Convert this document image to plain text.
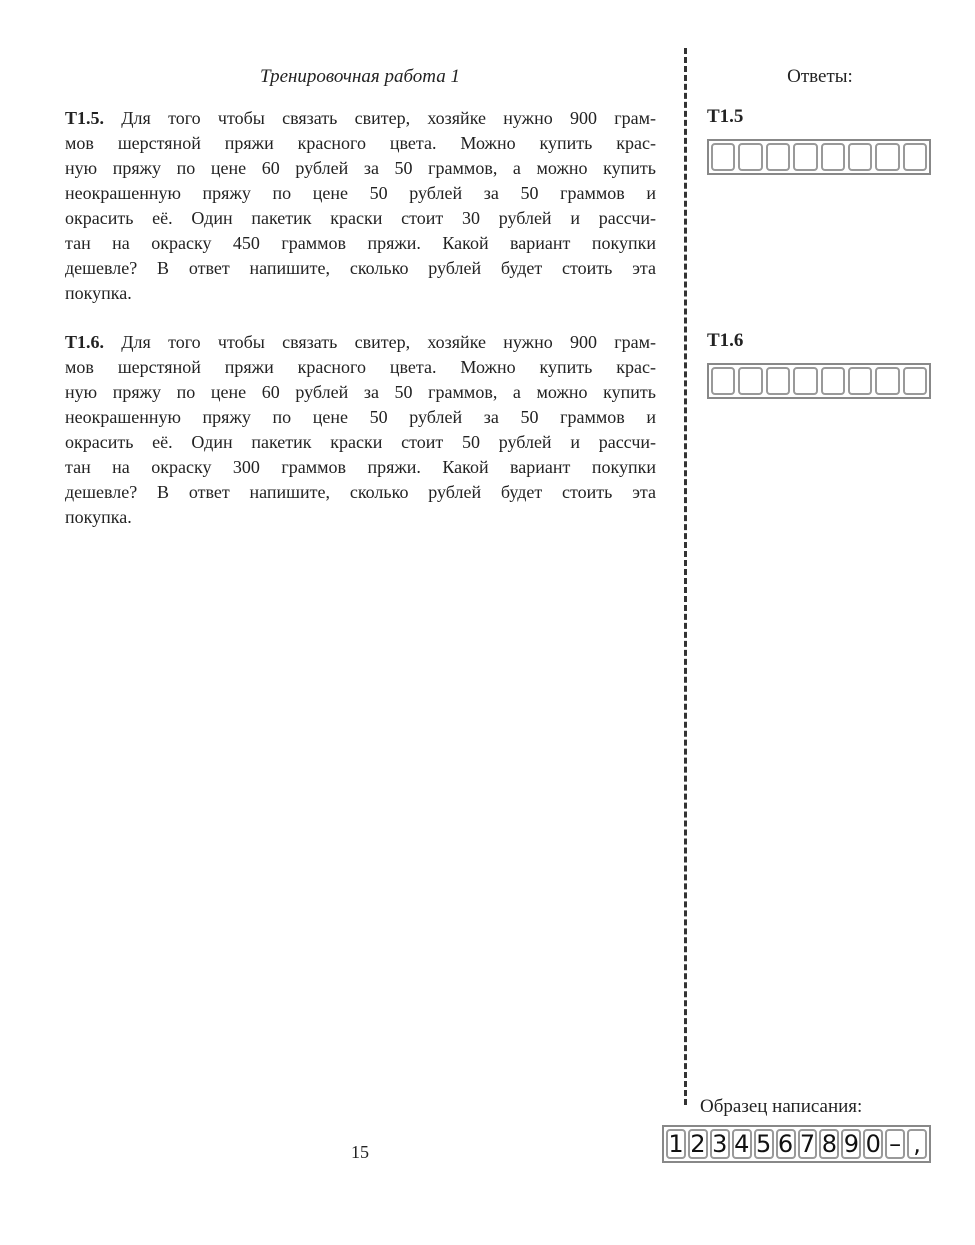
Тренировочная работа 1	Ответы:
T1.5. Для того чтобы связать свитер, хозяйке нужно 900 грам-
мов шерстяной пряжи красного цвета. Можно купить крас-
ную пряжу по цене 60 рублей за 50 граммов, а можно купить
неокрашенную пряжу по цене 50 рублей за 50 граммов и
окрасить её. Один пакетик краски стоит 30 рублей и рассчи-
тан на окраску 450 граммов пряжи. Какой вариант покупки
дешевле? В ответ напишите, сколько рублей будет стоить эта
покупка.
T1.6. Для того чтобы связать свитер, хозяйке нужно 900 грам-
мов шерстяной пряжи красного цвета. Можно купить крас-
ную пряжу по цене 60 рублей за 50 граммов, а можно купить
неокрашенную пряжу по цене 50 рублей за 50 граммов и
окрасить её. Один пакетик краски стоит 50 рублей и рассчи-
тан на окраску 300 граммов пряжи. Какой вариант покупки
дешевле? В ответ напишите, сколько рублей будет стоить эта
покупка.
T1.5
T1.6
Образец написания:
1 2 3 4 5 6 7 8 9 0 – ,
15
